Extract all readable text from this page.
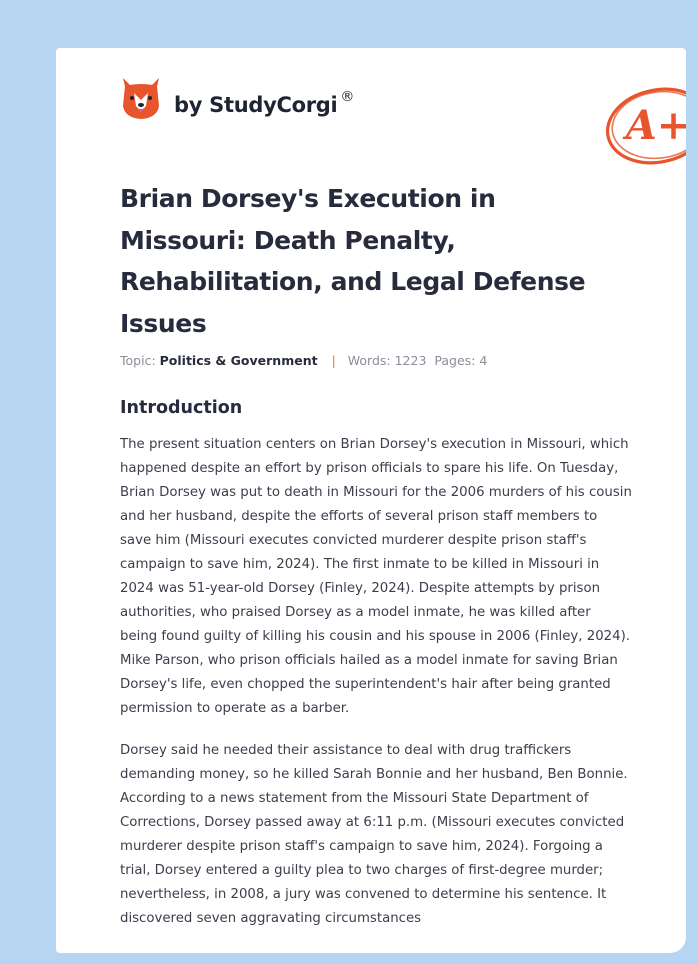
by StudyCorgi ®
A+
Brian Dorsey's Execution in Missouri: Death Penalty, Rehabilitation, and Legal Defense Issues
Topic: Politics & Government | Words: 1223 Pages: 4
Introduction

The present situation centers on Brian Dorsey's execution in Missouri, which happened despite an effort by prison officials to spare his life. On Tuesday, Brian Dorsey was put to death in Missouri for the 2006 murders of his cousin and her husband, despite the efforts of several prison staff members to save him (Missouri executes convicted murderer despite prison staff's campaign to save him, 2024). The first inmate to be killed in Missouri in 2024 was 51-year-old Dorsey (Finley, 2024). Despite attempts by prison authorities, who praised Dorsey as a model inmate, he was killed after being found guilty of killing his cousin and his spouse in 2006 (Finley, 2024). Mike Parson, who prison officials hailed as a model inmate for saving Brian Dorsey's life, even chopped the superintendent's hair after being granted permission to operate as a barber.

Dorsey said he needed their assistance to deal with drug traffickers demanding money, so he killed Sarah Bonnie and her husband, Ben Bonnie. According to a news statement from the Missouri State Department of Corrections, Dorsey passed away at 6:11 p.m. (Missouri executes convicted murderer despite prison staff's campaign to save him, 2024). Forgoing a trial, Dorsey entered a guilty plea to two charges of first-degree murder; nevertheless, in 2008, a jury was convened to determine his sentence. It discovered seven aggravating circumstances
